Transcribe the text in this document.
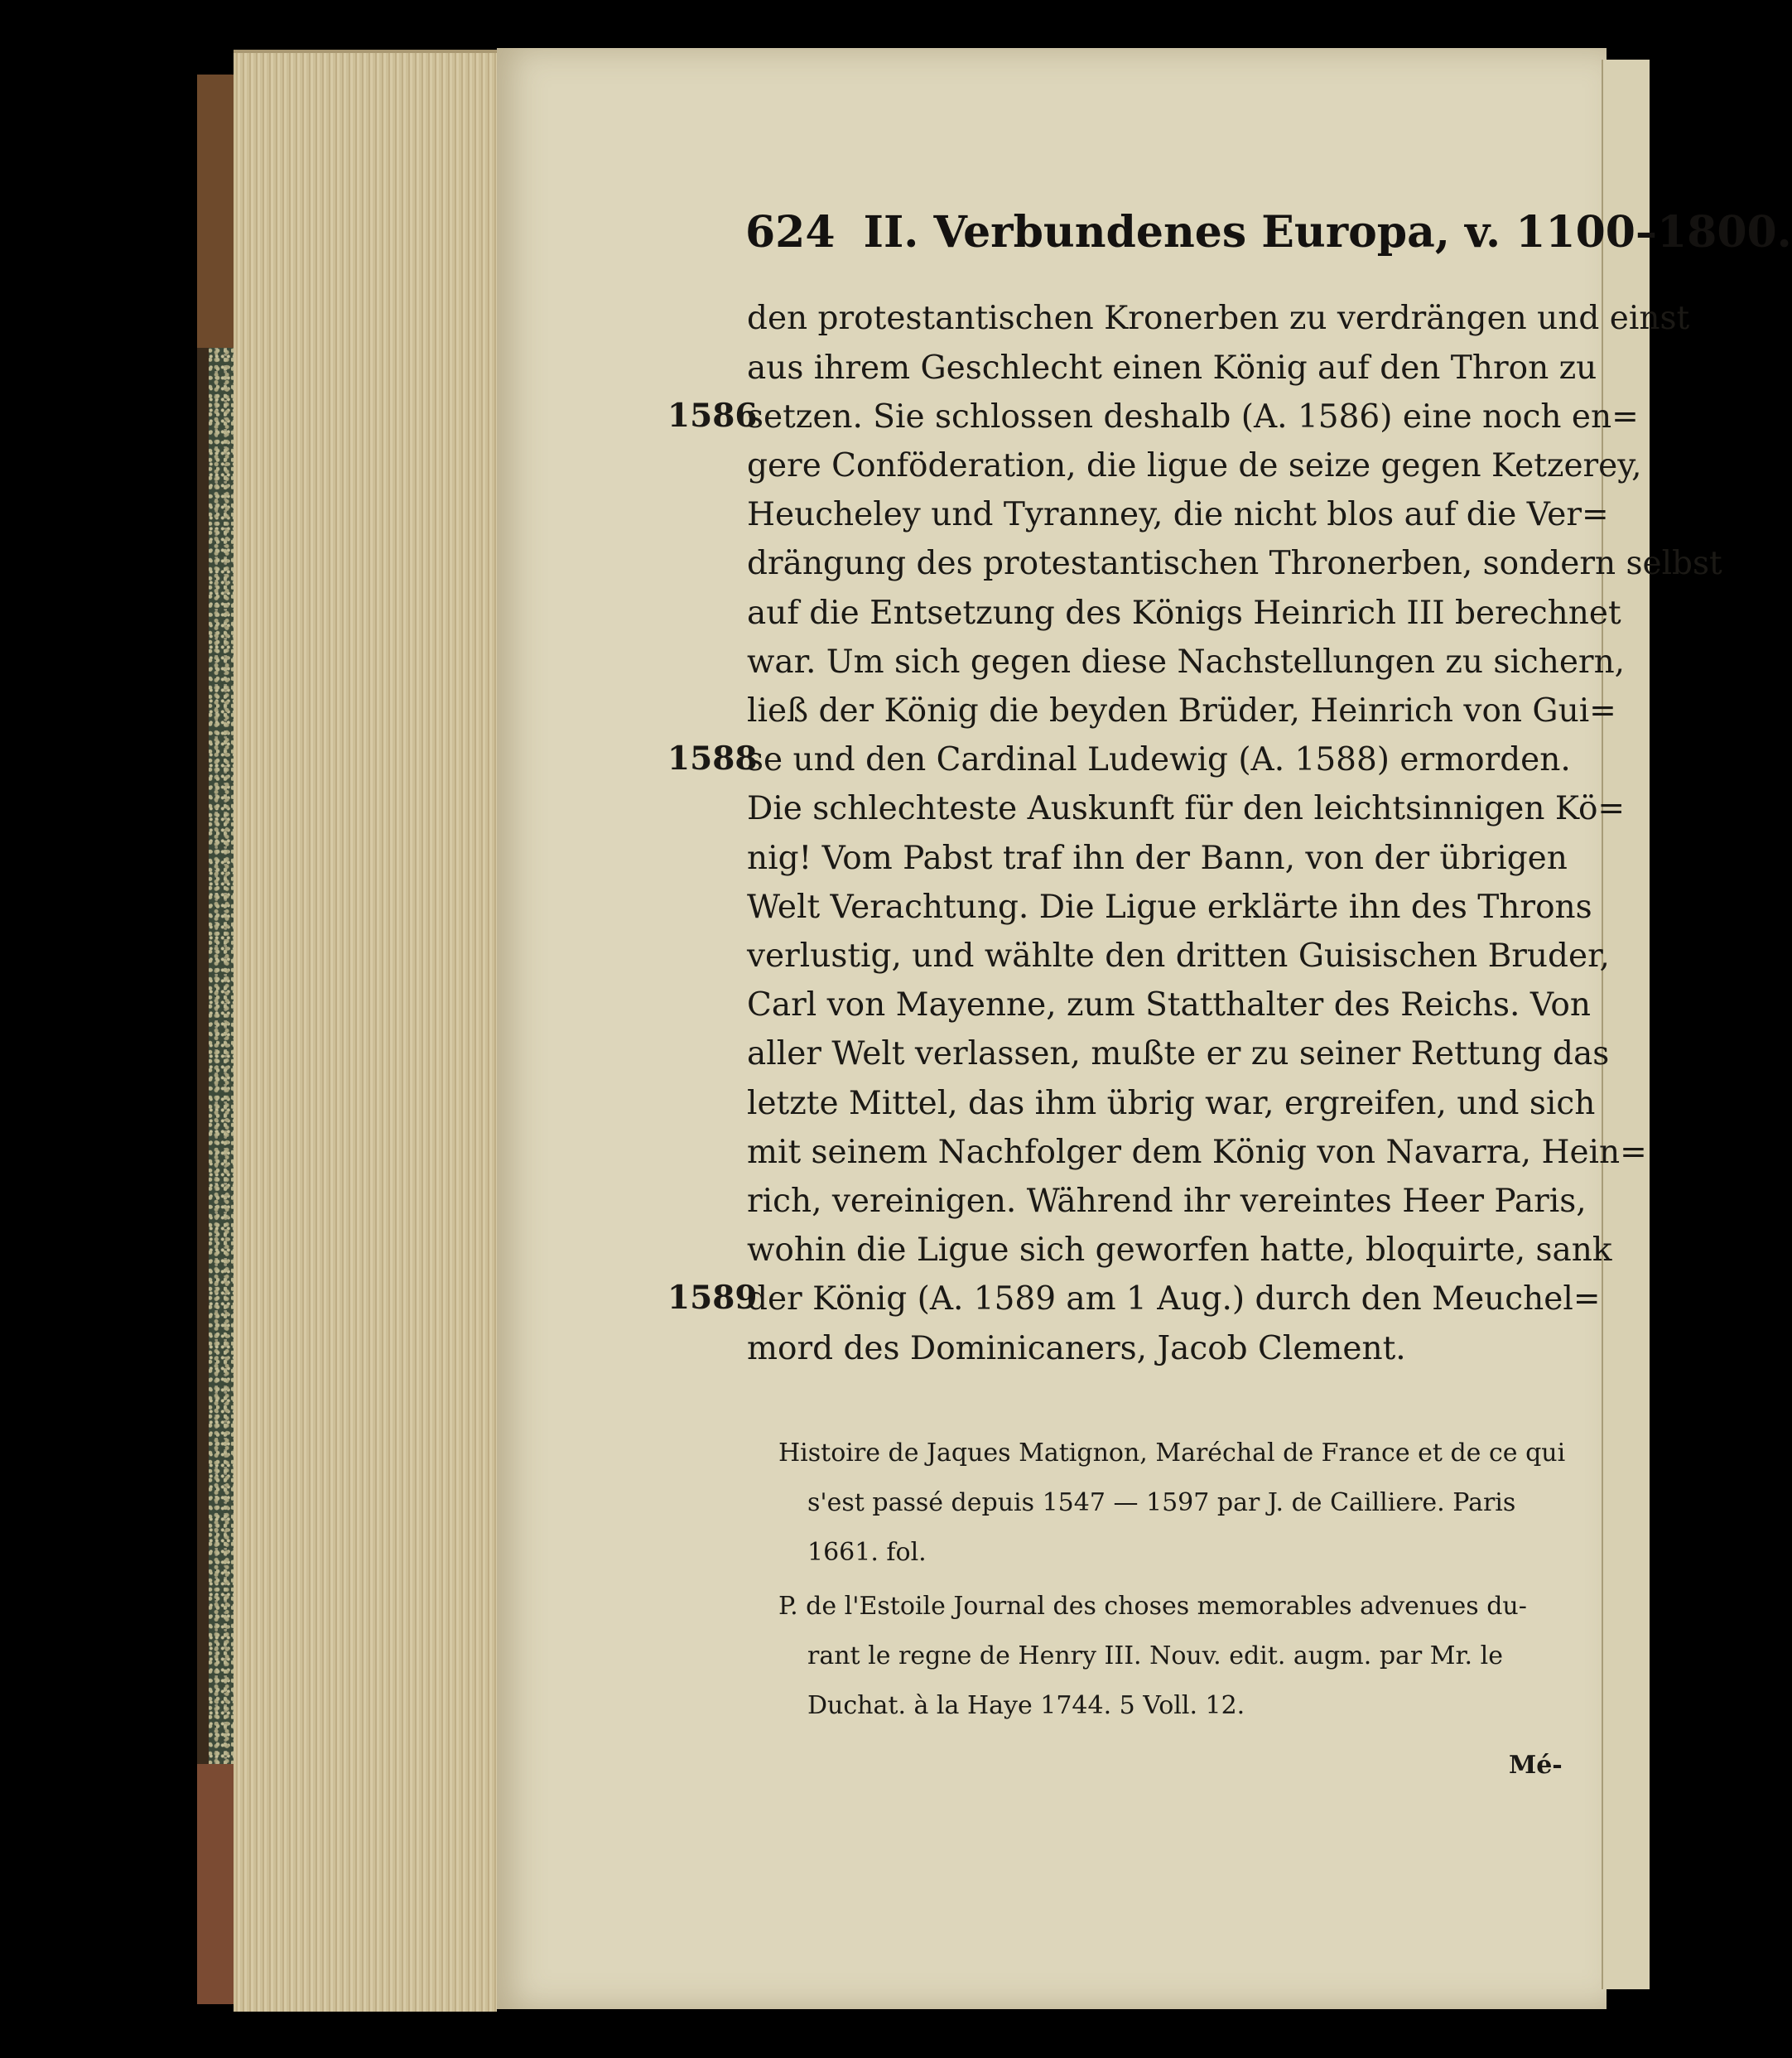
624 II. Verbundenes Europa, v. 1100–1800.
den protestantischen Kronerben zu verdrängen und einst
aus ihrem Geschlecht einen König auf den Thron zu
setzen. Sie schlossen deshalb (A. 1586) eine noch en=
gere Conföderation, die ligue de seize gegen Ketzerey,
Heucheley und Tyranney, die nicht blos auf die Ver=
drängung des protestantischen Thronerben, sondern selbst
auf die Entsetzung des Königs Heinrich III berechnet
war. Um sich gegen diese Nachstellungen zu sichern,
ließ der König die beyden Brüder, Heinrich von Gui=
se und den Cardinal Ludewig (A. 1588) ermorden.
Die schlechteste Auskunft für den leichtsinnigen Kö=
nig! Vom Pabst traf ihn der Bann, von der übrigen
Welt Verachtung. Die Ligue erklärte ihn des Throns
verlustig, und wählte den dritten Guisischen Bruder,
Carl von Mayenne, zum Statthalter des Reichs. Von
aller Welt verlassen, mußte er zu seiner Rettung das
letzte Mittel, das ihm übrig war, ergreifen, und sich
mit seinem Nachfolger dem König von Navarra, Hein=
rich, vereinigen. Während ihr vereintes Heer Paris,
wohin die Ligue sich geworfen hatte, bloquirte, sank
der König (A. 1589 am 1 Aug.) durch den Meuchel=
mord des Dominicaners, Jacob Clement.
1586
1588
1589
Histoire de Jaques Matignon, Maréchal de France et de ce qui
s'est passé depuis 1547 — 1597 par J. de Cailliere. Paris
1661. fol.
P. de l'Estoile Journal des choses memorables advenues du-
rant le regne de Henry III. Nouv. edit. augm. par Mr. le
Duchat. à la Haye 1744. 5 Voll. 12.
Mé-
